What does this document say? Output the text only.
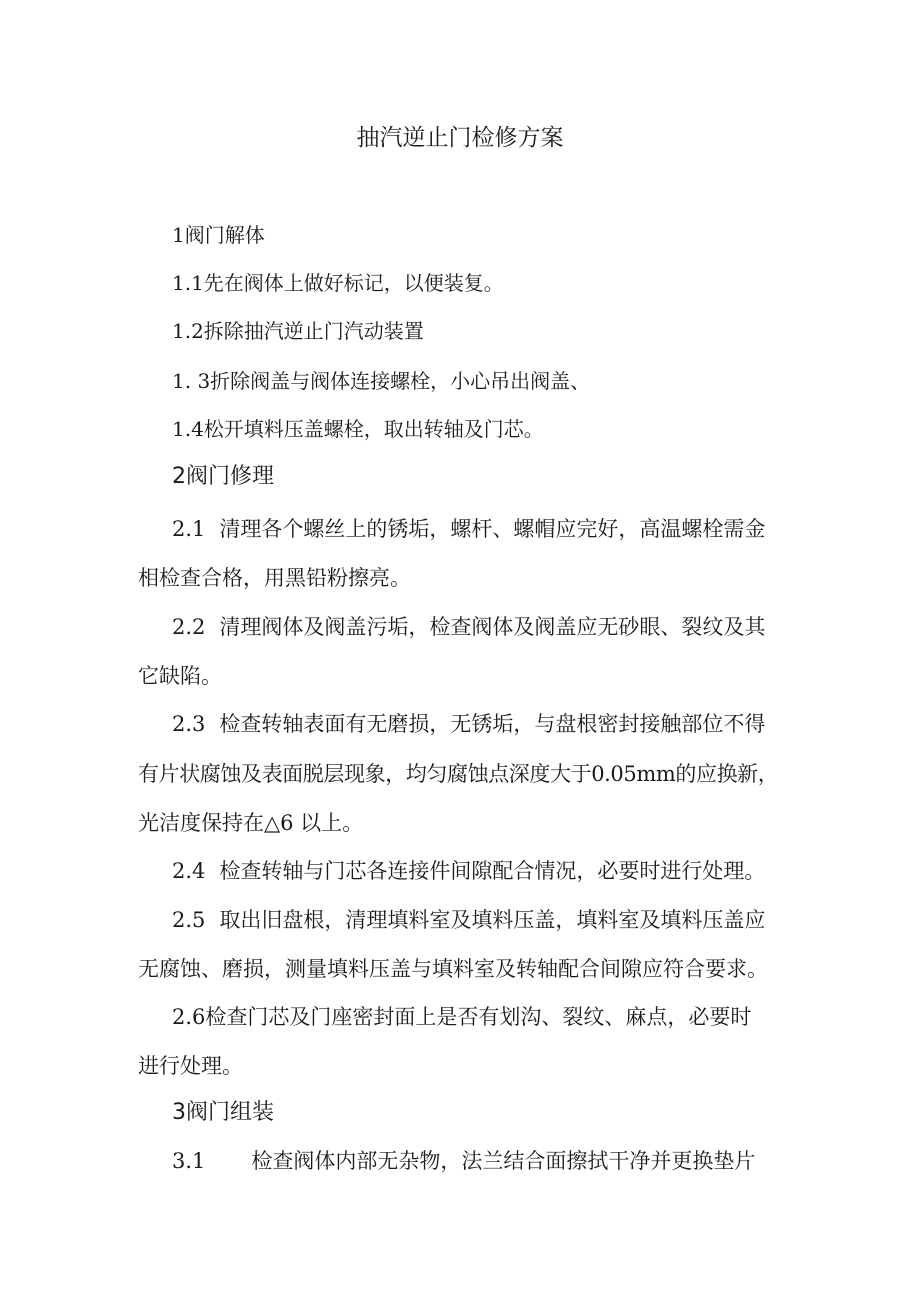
抽汽逆止门检修方案
1阀门解体
1.1先在阀体上做好标记，以便装复。
1.2拆除抽汽逆止门汽动装置
1. 3折除阀盖与阀体连接螺栓，小心吊出阀盖、
1.4松开填料压盖螺栓，取出转轴及门芯。
2阀门修理
2.1 清理各个螺丝上的锈垢，螺杆、螺帽应完好，高温螺栓需金
相检查合格，用黑铅粉擦亮。
2.2 清理阀体及阀盖污垢，检查阀体及阀盖应无砂眼、裂纹及其
它缺陷。
2.3 检查转轴表面有无磨损，无锈垢，与盘根密封接触部位不得
有片状腐蚀及表面脱层现象，均匀腐蚀点深度大于0.05mm的应换新，
光洁度保持在△6 以上。
2.4 检查转轴与门芯各连接件间隙配合情况，必要时进行处理。
2.5 取出旧盘根，清理填料室及填料压盖，填料室及填料压盖应
无腐蚀、磨损，测量填料压盖与填料室及转轴配合间隙应符合要求。
2.6检查门芯及门座密封面上是否有划沟、裂纹、麻点，必要时
进行处理。
3阀门组装
3.1 检查阀体内部无杂物，法兰结合面擦拭干净并更换垫片
